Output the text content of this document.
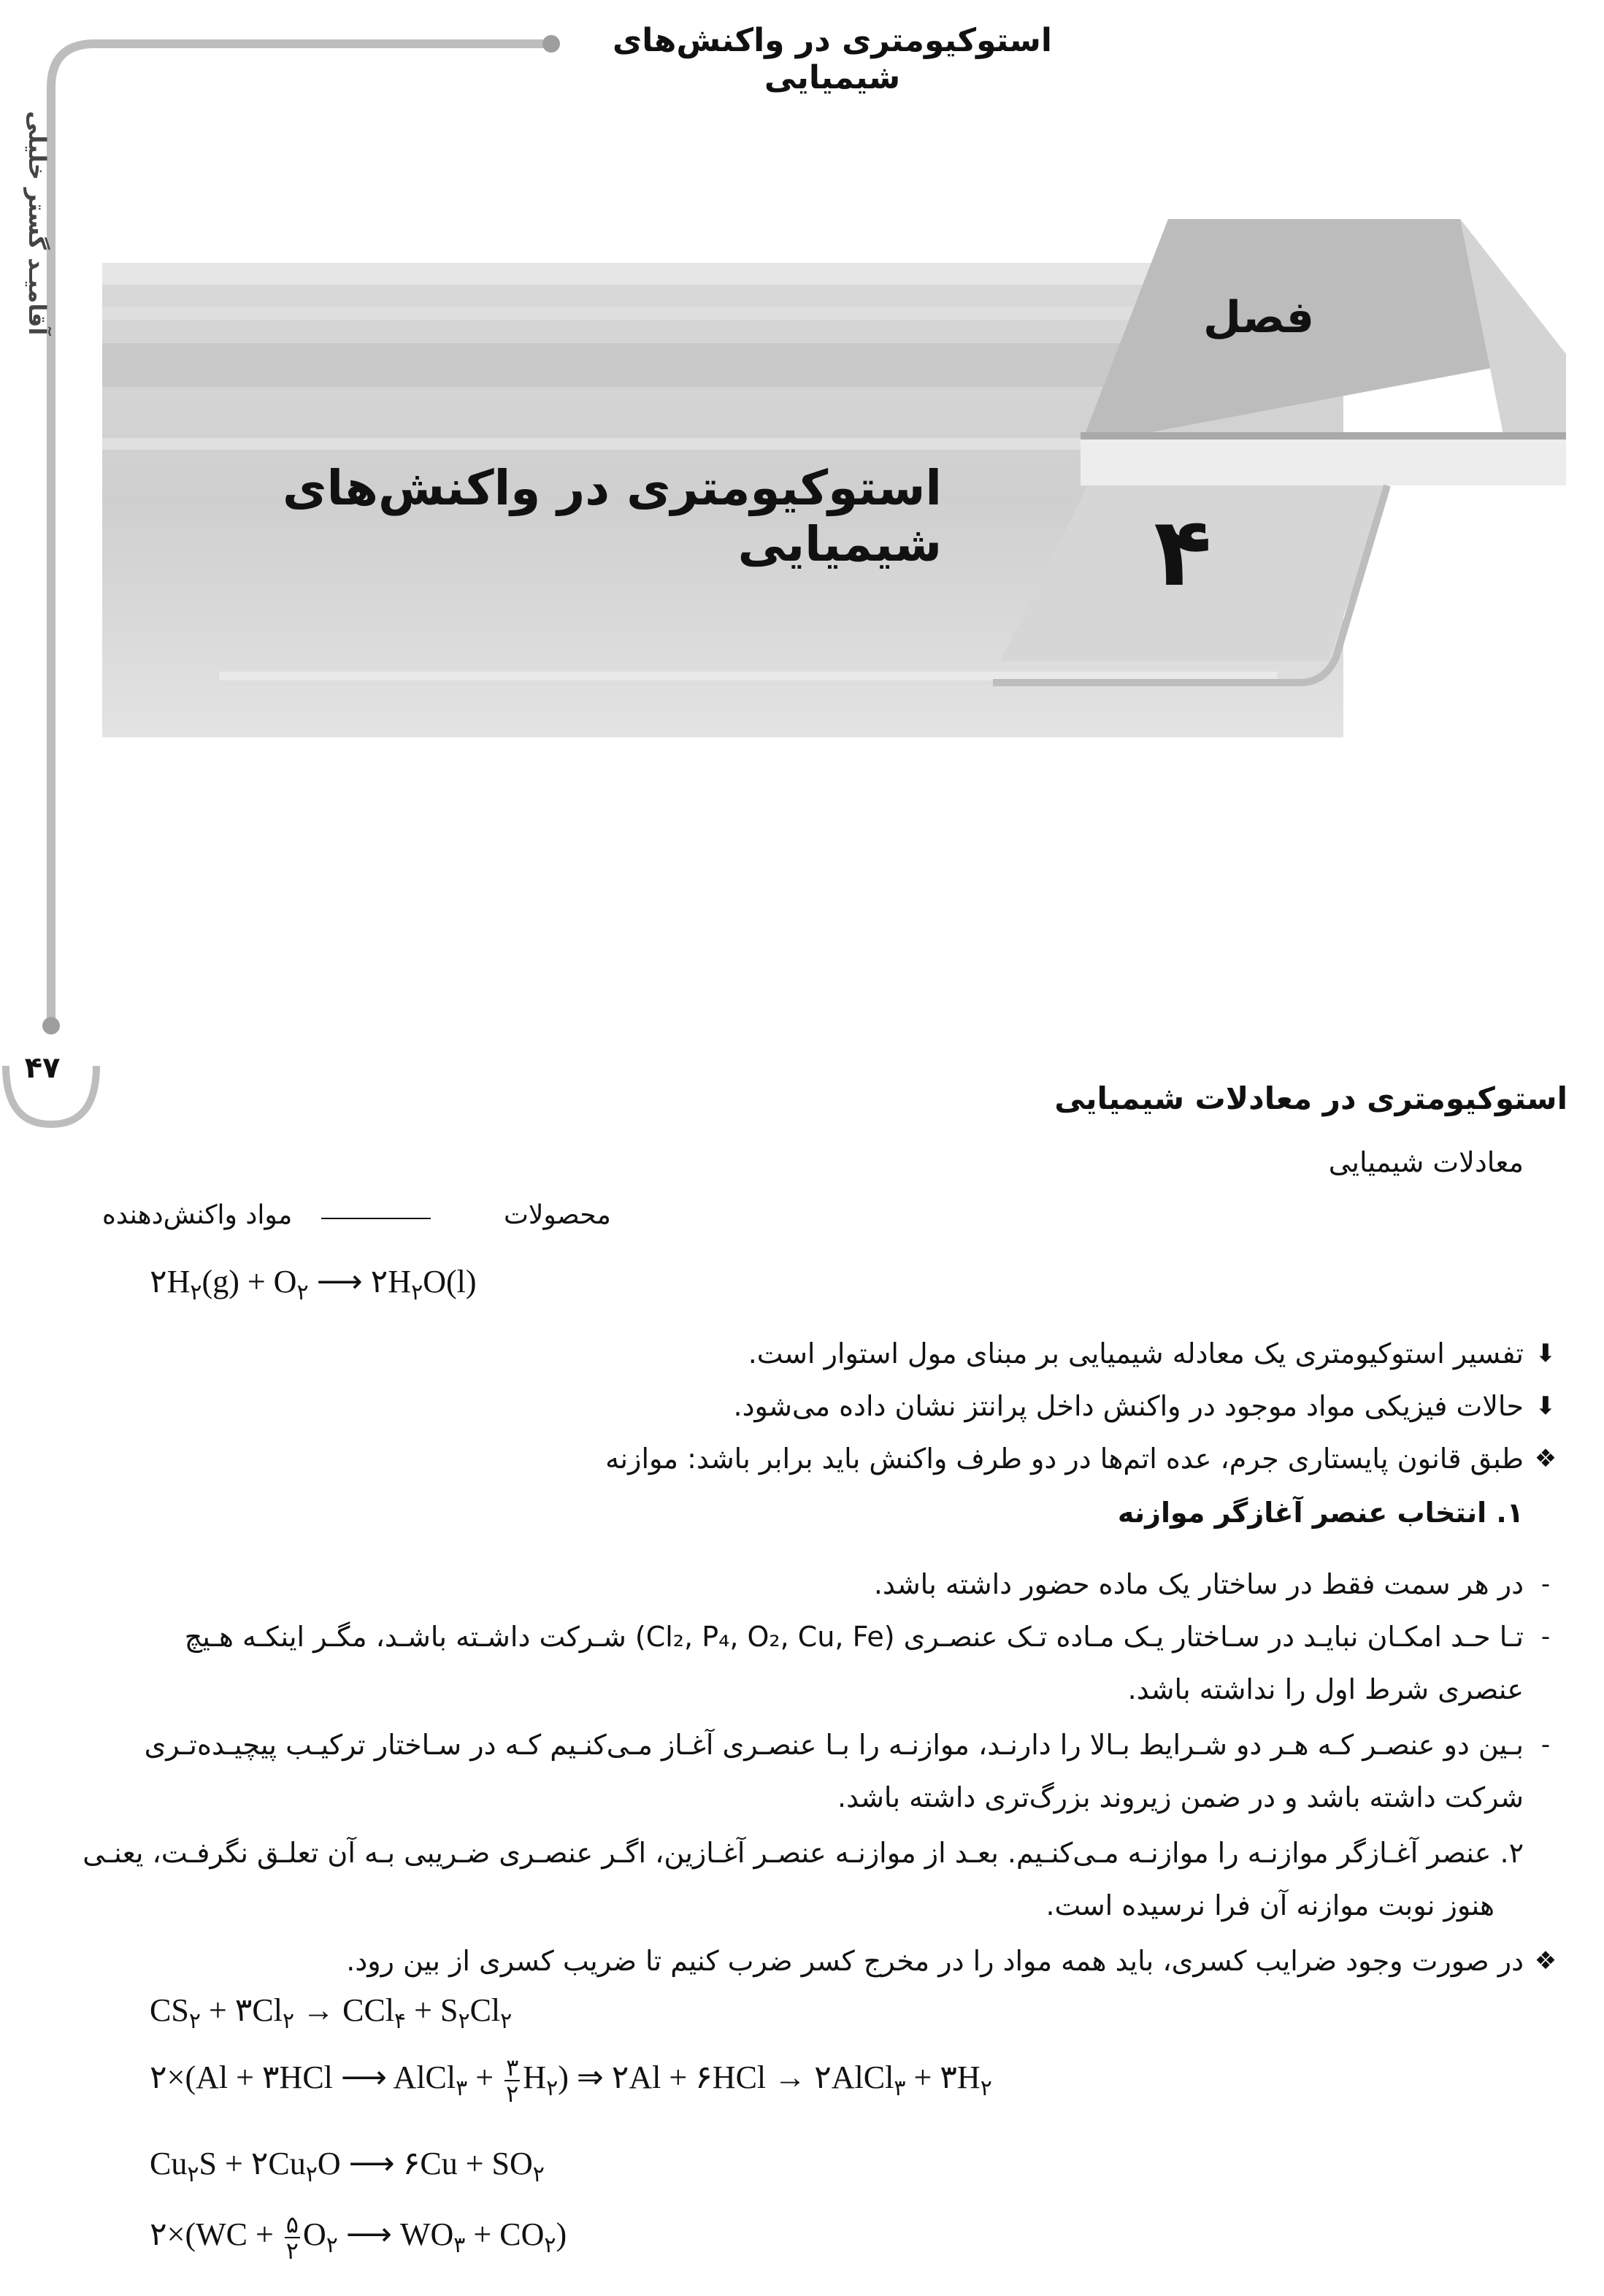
استوکیومتری در واکنش‌های شیمیایی
آقامیـد گستر خلیلی
۴۷
فصل
۴
استوکیومتری در واکنش‌های شیمیایی
استوکیومتری در معادلات شیمیایی
معادلات شیمیایی
مواد واکنش‌دهنده	محصولات
$۲H_۲(g) + O_۲$ ⟶ $۲H_۲O(l)$
⬇
تفسیر استوکیومتری یک معادله شیمیایی بر مبنای مول استوار است.
⬇
حالات فیزیکی مواد موجود در واکنش داخل پرانتز نشان داده می‌شود.
❖
طبق قانون پایستاری جرم، عده اتم‌ها در دو طرف واکنش باید برابر باشد: موازنه
۱. انتخاب عنصر آغازگر موازنه
-
در هر سمت فقط در ساختار یک ماده حضور داشته باشد.
-
تـا حـد امکـان نبایـد در سـاختار یـک مـاده تـک عنصـری (Cl₂, P₄, O₂, Cu, Fe) شـرکت داشـته باشـد، مگـر اینکـه هـیچ
عنصری شرط اول را نداشته باشد.
-
بـین دو عنصـر کـه هـر دو شـرایط بـالا را دارنـد، موازنـه را بـا عنصـری آغـاز مـی‌کنـیم کـه در سـاختار ترکیـب پیچیـده‌تـری
شرکت داشته باشد و در ضمن زیروند بزرگ‌تری داشته باشد.
۲. عنصر آغـازگر موازنـه را موازنـه مـی‌کنـیم. بعـد از موازنـه عنصـر آغـازین، اگـر عنصـری ضـریبی بـه آن تعلـق نگرفـت، یعنـی
هنوز نوبت موازنه آن فرا نرسیده است.
❖
در صورت وجود ضرایب کسری، باید همه مواد را در مخرج کسر ضرب کنیم تا ضریب کسری از بین رود.
$CS_۲$ + $۳Cl_۲ \to CCl_۴ + S_۲Cl_۲$
۲×(Al + ۳HCl ⟶ AlCl$_۳$ + $\frac{۳}{۲} H_۲$) ⇒ ۲Al + ۶HCl → ۲AlCl$_۳$ + $۳H_۲$
$Cu_۲S$ + $۲Cu_۲O$ ⟶ ۶Cu + $SO_۲$
۲×(WC + $\frac{۵}{۲} O_۲$ ⟶ $WO_۳ + CO_۲$)
